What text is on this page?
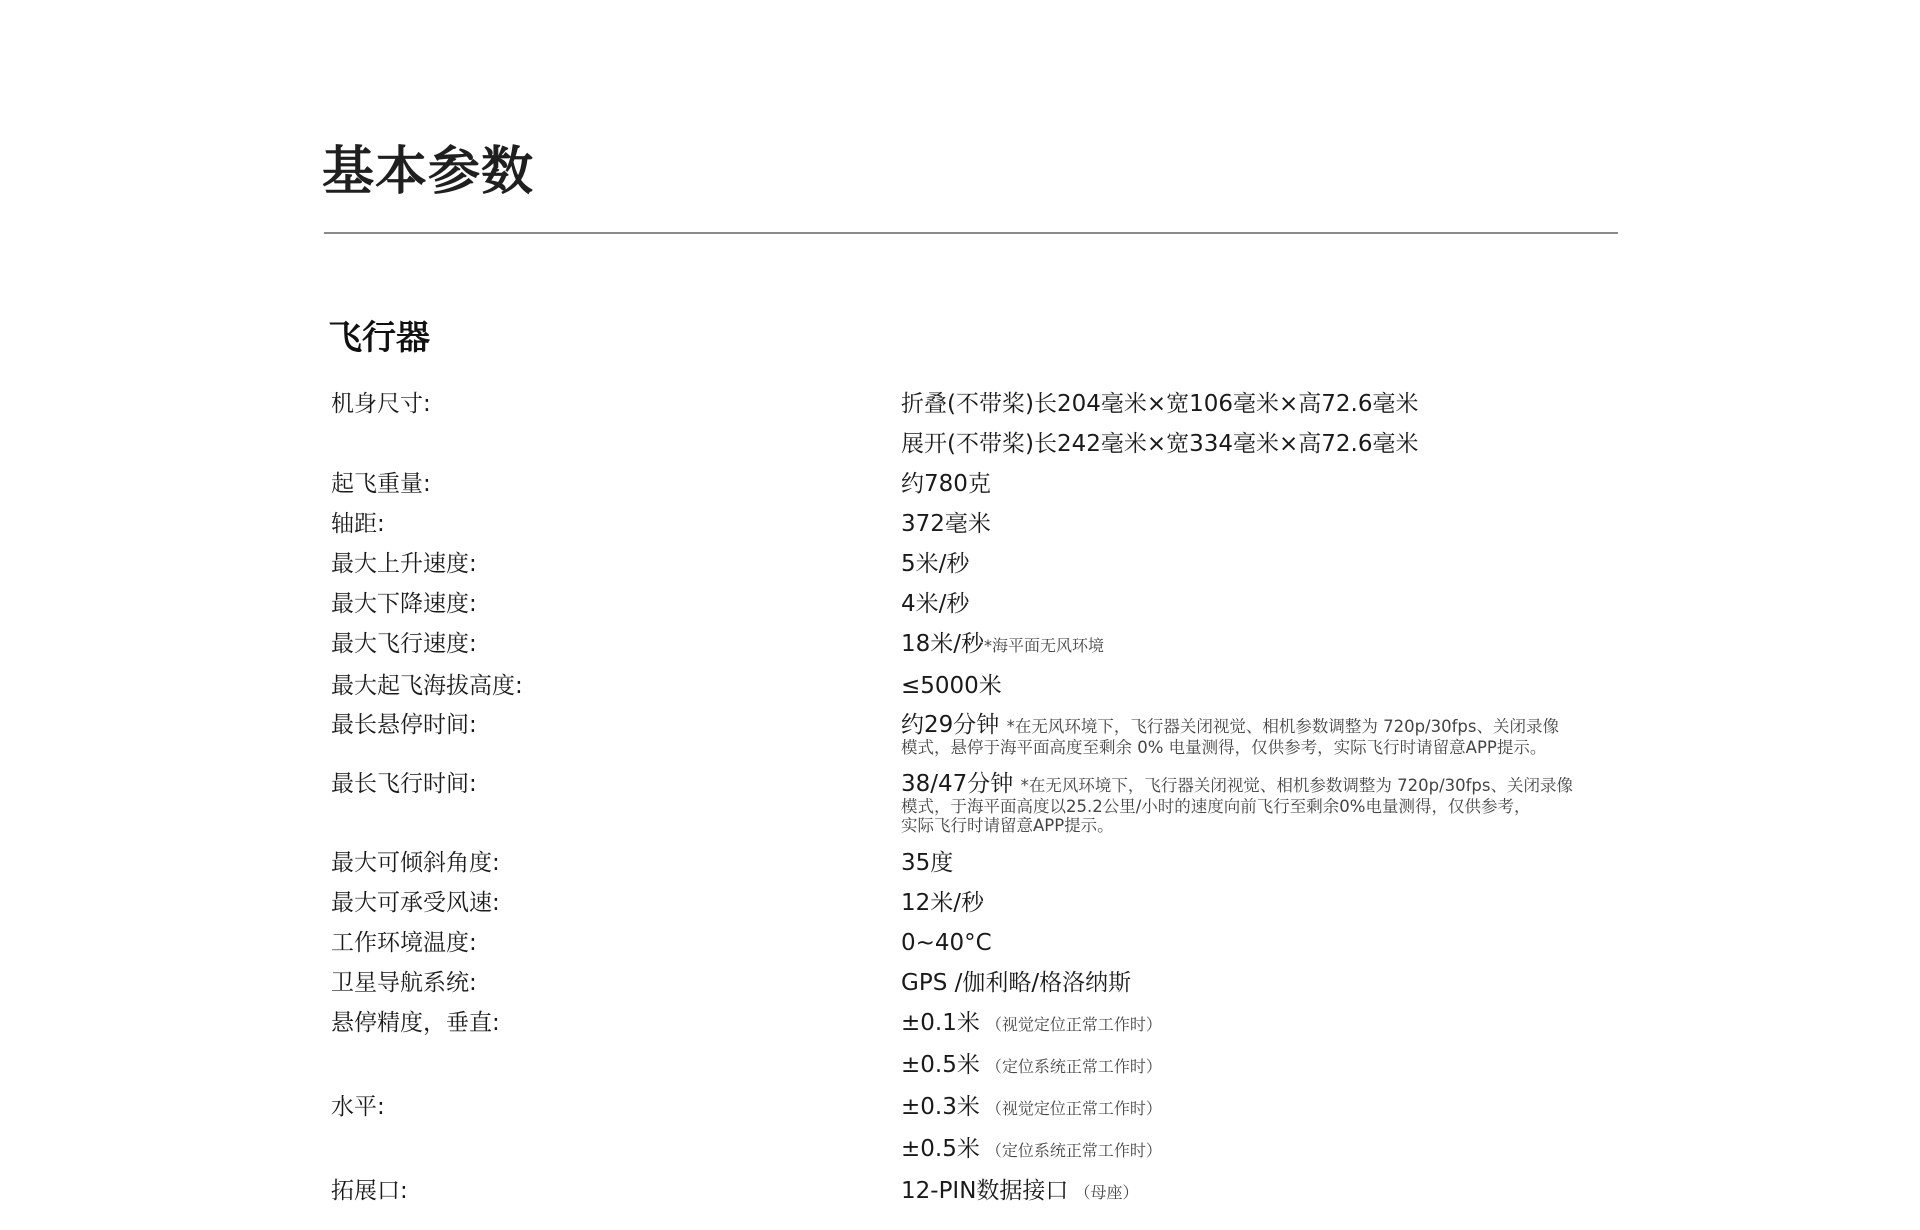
基本参数
飞行器
机身尺寸:	折叠(不带桨)长204毫米×宽106毫米×高72.6毫米
展开(不带桨)长242毫米×宽334毫米×高72.6毫米
起飞重量:	约780克
轴距:	372毫米
最大上升速度:	5米/秒
最大下降速度:	4米/秒
最大飞行速度:	18米/秒*海平面无风环境
最大起飞海拔高度:	≤5000米
最长悬停时间:	约29分钟 *在无风环境下，飞行器关闭视觉、相机参数调整为 720p/30fps、关闭录像
模式，悬停于海平面高度至剩余 0% 电量测得，仅供参考，实际飞行时请留意APP提示。
最长飞行时间:	38/47分钟 *在无风环境下，飞行器关闭视觉、相机参数调整为 720p/30fps、关闭录像
模式，于海平面高度以25.2公里/小时的速度向前飞行至剩余0%电量测得，仅供参考，
实际飞行时请留意APP提示。
最大可倾斜角度:	35度
最大可承受风速:	12米/秒
工作环境温度:	0~40°C
卫星导航系统:	GPS /伽利略/格洛纳斯
悬停精度，垂直:	±0.1米 （视觉定位正常工作时）
±0.5米 （定位系统正常工作时）
水平:	±0.3米 （视觉定位正常工作时）
±0.5米 （定位系统正常工作时）
拓展口:	12-PIN数据接口 （母座）
